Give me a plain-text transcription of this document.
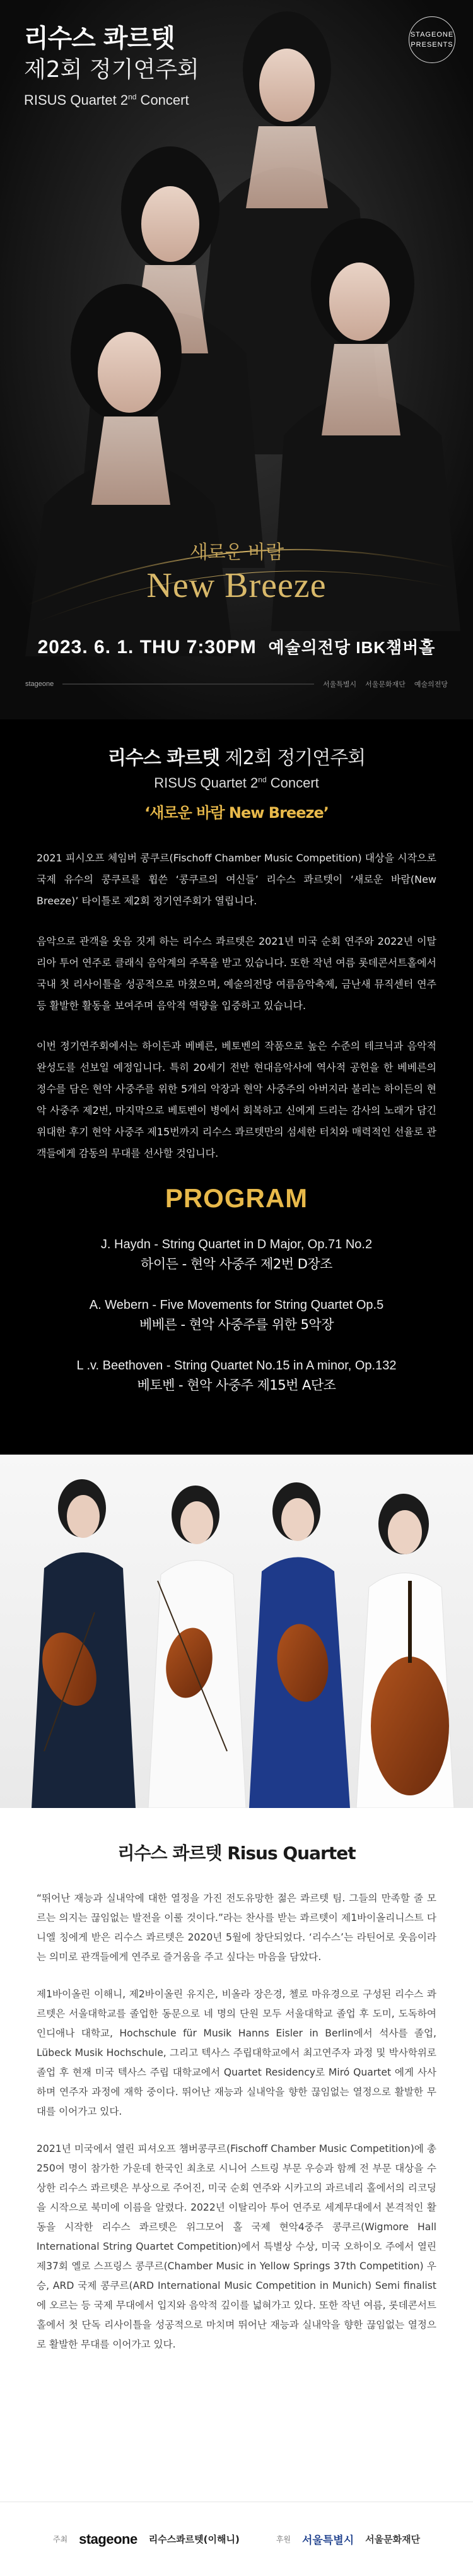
리수스 콰르텟
제2회 정기연주회
RISUS Quartet 2nd Concert
STAGEONE
PRESENTS
새로운 바람
New Breeze
2023. 6. 1. THU 7:30PM 예술의전당 IBK챔버홀
stageone	서울특별시 서울문화재단 예술의전당
리수스 콰르텟 제2회 정기연주회
RISUS Quartet 2nd Concert
‘새로운 바람 New Breeze’

2021 피시오프 체임버 콩쿠르(Fischoff Chamber Music Competition) 대상을 시작으로 국제 유수의 콩쿠르를 휩쓴 ‘콩쿠르의 여신들’ 리수스 콰르텟이 ‘새로운 바람(New Breeze)’ 타이틀로 제2회 정기연주회가 열립니다.

음악으로 관객을 웃음 짓게 하는 리수스 콰르텟은 2021년 미국 순회 연주와 2022년 이탈리아 투어 연주로 클래식 음악계의 주목을 받고 있습니다. 또한 작년 여름 롯데콘서트홀에서 국내 첫 리사이틀을 성공적으로 마쳤으며, 예술의전당 여름음악축제, 금난새 뮤직센터 연주 등 활발한 활동을 보여주며 음악적 역량을 입증하고 있습니다.

이번 정기연주회에서는 하이든과 베베른, 베토벤의 작품으로 높은 수준의 테크닉과 음악적 완성도를 선보일 예정입니다. 특히 20세기 전반 현대음악사에 역사적 공헌을 한 베베른의 정수를 담은 현악 사중주를 위한 5개의 악장과 현악 사중주의 아버지라 불리는 하이든의 현악 사중주 제2번, 마지막으로 베토벤이 병에서 회복하고 신에게 드리는 감사의 노래가 담긴 위대한 후기 현악 사중주 제15번까지 리수스 콰르텟만의 섬세한 터치와 매력적인 선율로 관객들에게 감동의 무대를 선사할 것입니다.

PROGRAM
J. Haydn - String Quartet in D Major, Op.71 No.2
하이든 - 현악 사중주 제2번 D장조
A. Webern - Five Movements for String Quartet Op.5
베베른 - 현악 사중주를 위한 5악장
L .v. Beethoven - String Quartet No.15 in A minor, Op.132
베토벤 - 현악 사중주 제15번 A단조
리수스 콰르텟 Risus Quartet

“뛰어난 재능과 실내악에 대한 열정을 가진 전도유망한 젊은 콰르텟 팀. 그들의 만족할 줄 모르는 의지는 끊임없는 발전을 이룰 것이다.”라는 찬사를 받는 콰르텟이 제1바이올리니스트 다니엘 칭에게 받은 리수스 콰르텟은 2020년 5월에 창단되었다. ‘리수스’는 라틴어로 웃음이라는 의미로 관객들에게 연주로 즐거움을 주고 싶다는 마음을 담았다.

제1바이올린 이해니, 제2바이올린 유지은, 비올라 장은경, 첼로 마유경으로 구성된 리수스 콰르텟은 서울대학교를 졸업한 동문으로 네 명의 단원 모두 서울대학교 졸업 후 도미, 도독하여 인디애나 대학교, Hochschule für Musik Hanns Eisler in Berlin에서 석사를 졸업, Lübeck Musik Hochschule, 그리고 텍사스 주립대학교에서 최고연주자 과정 및 박사학위로 졸업 후 현재 미국 텍사스 주립 대학교에서 Quartet Residency로 Miró Quartet 에게 사사하며 연주자 과정에 재학 중이다. 뛰어난 재능과 실내악을 향한 끊임없는 열정으로 활발한 무대를 이어가고 있다.

2021년 미국에서 열린 피셔오프 챔버콩쿠르(Fischoff Chamber Music Competition)에 총 250여 명이 참가한 가운데 한국인 최초로 시니어 스트링 부문 우승과 함께 전 부문 대상을 수상한 리수스 콰르텟은 부상으로 주어진, 미국 순회 연주와 시카고의 과르네리 홀에서의 리코딩을 시작으로 북미에 이름을 알렸다. 2022년 이탈리아 투어 연주로 세계무대에서 본격적인 활동을 시작한 리수스 콰르텟은 위그모어 홀 국제 현악4중주 콩쿠르(Wigmore Hall International String Quartet Competition)에서 특별상 수상, 미국 오하이오 주에서 열린 제37회 옐로 스프링스 콩쿠르(Chamber Music in Yellow Springs 37th Competition) 우승, ARD 국제 콩쿠르(ARD International Music Competition in Munich) Semi finalist에 오르는 등 국제 무대에서 입지와 음악적 깊이를 넓혀가고 있다. 또한 작년 여름, 롯데콘서트홀에서 첫 단독 리사이틀을 성공적으로 마치며 뛰어난 재능과 실내악을 향한 끊임없는 열정으로 활발한 무대를 이어가고 있다.

주최 stageone 리수스콰르텟(이해니)	후원 서울특별시 서울문화재단
